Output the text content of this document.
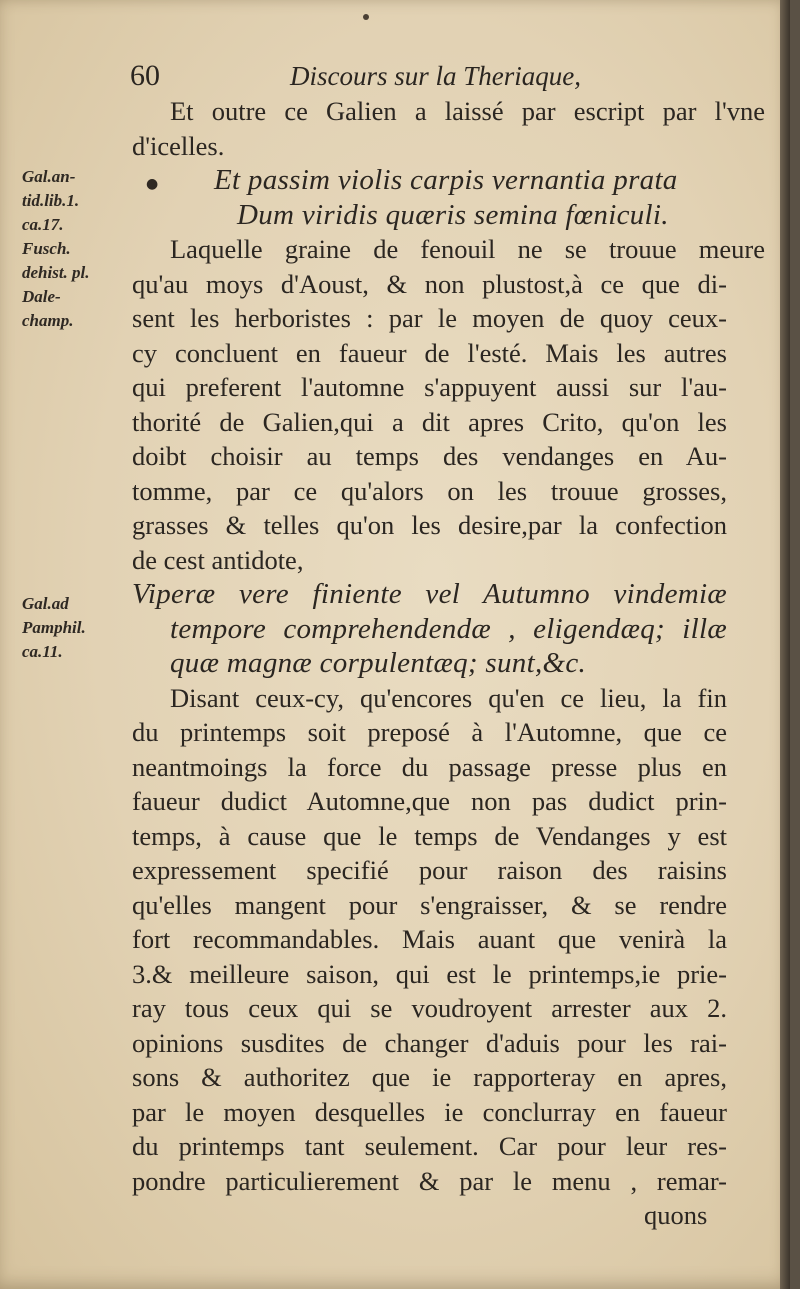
60	Discours sur la Theriaque,
Gal.an-
tid.lib.1.
ca.17.
Fusch.
dehist. pl.
Dale-
champ.
Gal.ad
Pamphil.
ca.11.
●
Et outre ce Galien a laissé par escript par l'vne
d'icelles.
Et passim violis carpis vernantia prata
Dum viridis quæris semina fœniculi.
Laquelle graine de fenouil ne se trouue meure
qu'au moys d'Aoust, & non plustost,à ce que di-
sent les herboristes : par le moyen de quoy ceux-
cy concluent en faueur de l'esté. Mais les autres
qui preferent l'automne s'appuyent aussi sur l'au-
thorité de Galien,qui a dit apres Crito, qu'on les
doibt choisir au temps des vendanges en Au-
tomme, par ce qu'alors on les trouue grosses,
grasses & telles qu'on les desire,par la confection
de cest antidote,
Viperæ vere finiente vel Autumno vindemiæ
tempore comprehendendæ , eligendæq; illæ
quæ magnæ corpulentæq; sunt,&c.
Disant ceux-cy, qu'encores qu'en ce lieu, la fin
du printemps soit preposé à l'Automne, que ce
neantmoings la force du passage presse plus en
faueur dudict Automne,que non pas dudict prin-
temps, à cause que le temps de Vendanges y est
expressement specifié pour raison des raisins
qu'elles mangent pour s'engraisser, & se rendre
fort recommandables. Mais auant que venirà la
3.& meilleure saison, qui est le printemps,ie prie-
ray tous ceux qui se voudroyent arrester aux 2.
opinions susdites de changer d'aduis pour les rai-
sons & authoritez que ie rapporteray en apres,
par le moyen desquelles ie conclurray en faueur
du printemps tant seulement. Car pour leur res-
pondre particulierement & par le menu , remar-
quons
